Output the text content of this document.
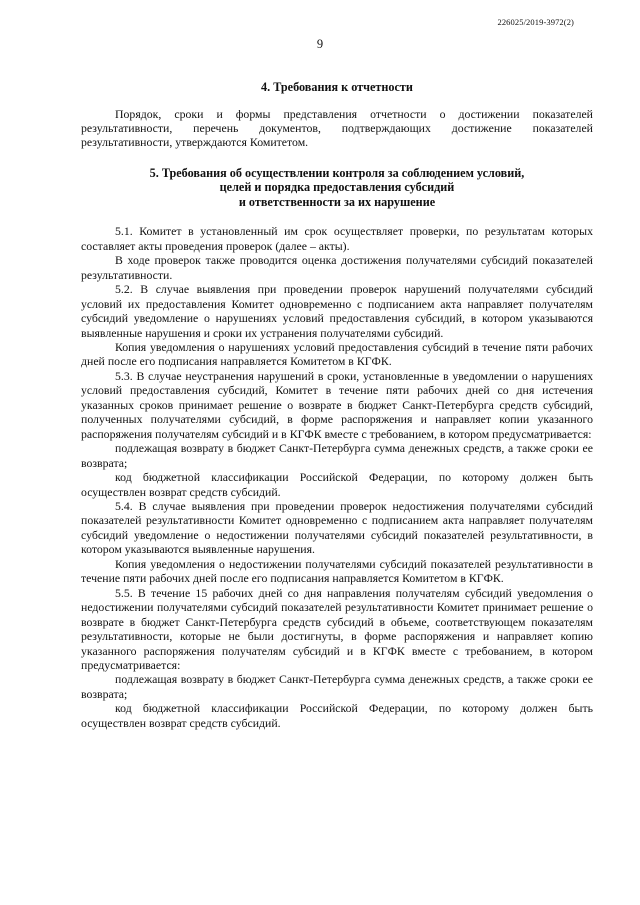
226025/2019-3972(2)
9
4. Требования к отчетности

Порядок, сроки и формы представления отчетности о достижении показателей результативности, перечень документов, подтверждающих достижение показателей результативности, утверждаются Комитетом.

5. Требования об осуществлении контроля за соблюдением условий,
целей и порядка предоставления субсидий
и ответственности за их нарушение

5.1. Комитет в установленный им срок осуществляет проверки, по результатам которых составляет акты проведения проверок (далее – акты).

В ходе проверок также проводится оценка достижения получателями субсидий показателей результативности.

5.2. В случае выявления при проведении проверок нарушений получателями субсидий условий их предоставления Комитет одновременно с подписанием акта направляет получателям субсидий уведомление о нарушениях условий предоставления субсидий, в котором указываются выявленные нарушения и сроки их устранения получателями субсидий.

Копия уведомления о нарушениях условий предоставления субсидий в течение пяти рабочих дней после его подписания направляется Комитетом в КГФК.

5.3. В случае неустранения нарушений в сроки, установленные в уведомлении о нарушениях условий предоставления субсидий, Комитет в течение пяти рабочих дней со дня истечения указанных сроков принимает решение о возврате в бюджет Санкт-Петербурга средств субсидий, полученных получателями субсидий, в форме распоряжения и направляет копии указанного распоряжения получателям субсидий и в КГФК вместе с требованием, в котором предусматривается:

подлежащая возврату в бюджет Санкт-Петербурга сумма денежных средств, а также сроки ее возврата;

код бюджетной классификации Российской Федерации, по которому должен быть осуществлен возврат средств субсидий.

5.4. В случае выявления при проведении проверок недостижения получателями субсидий показателей результативности Комитет одновременно с подписанием акта направляет получателям субсидий уведомление о недостижении получателями субсидий показателей результативности, в котором указываются выявленные нарушения.

Копия уведомления о недостижении получателями субсидий показателей результативности в течение пяти рабочих дней после его подписания направляется Комитетом в КГФК.

5.5. В течение 15 рабочих дней со дня направления получателям субсидий уведомления о недостижении получателями субсидий показателей результативности Комитет принимает решение о возврате в бюджет Санкт-Петербурга средств субсидий в объеме, соответствующем показателям результативности, которые не были достигнуты, в форме распоряжения и направляет копию указанного распоряжения получателям субсидий и в КГФК вместе с требованием, в котором предусматривается:

подлежащая возврату в бюджет Санкт-Петербурга сумма денежных средств, а также сроки ее возврата;

код бюджетной классификации Российской Федерации, по которому должен быть осуществлен возврат средств субсидий.
